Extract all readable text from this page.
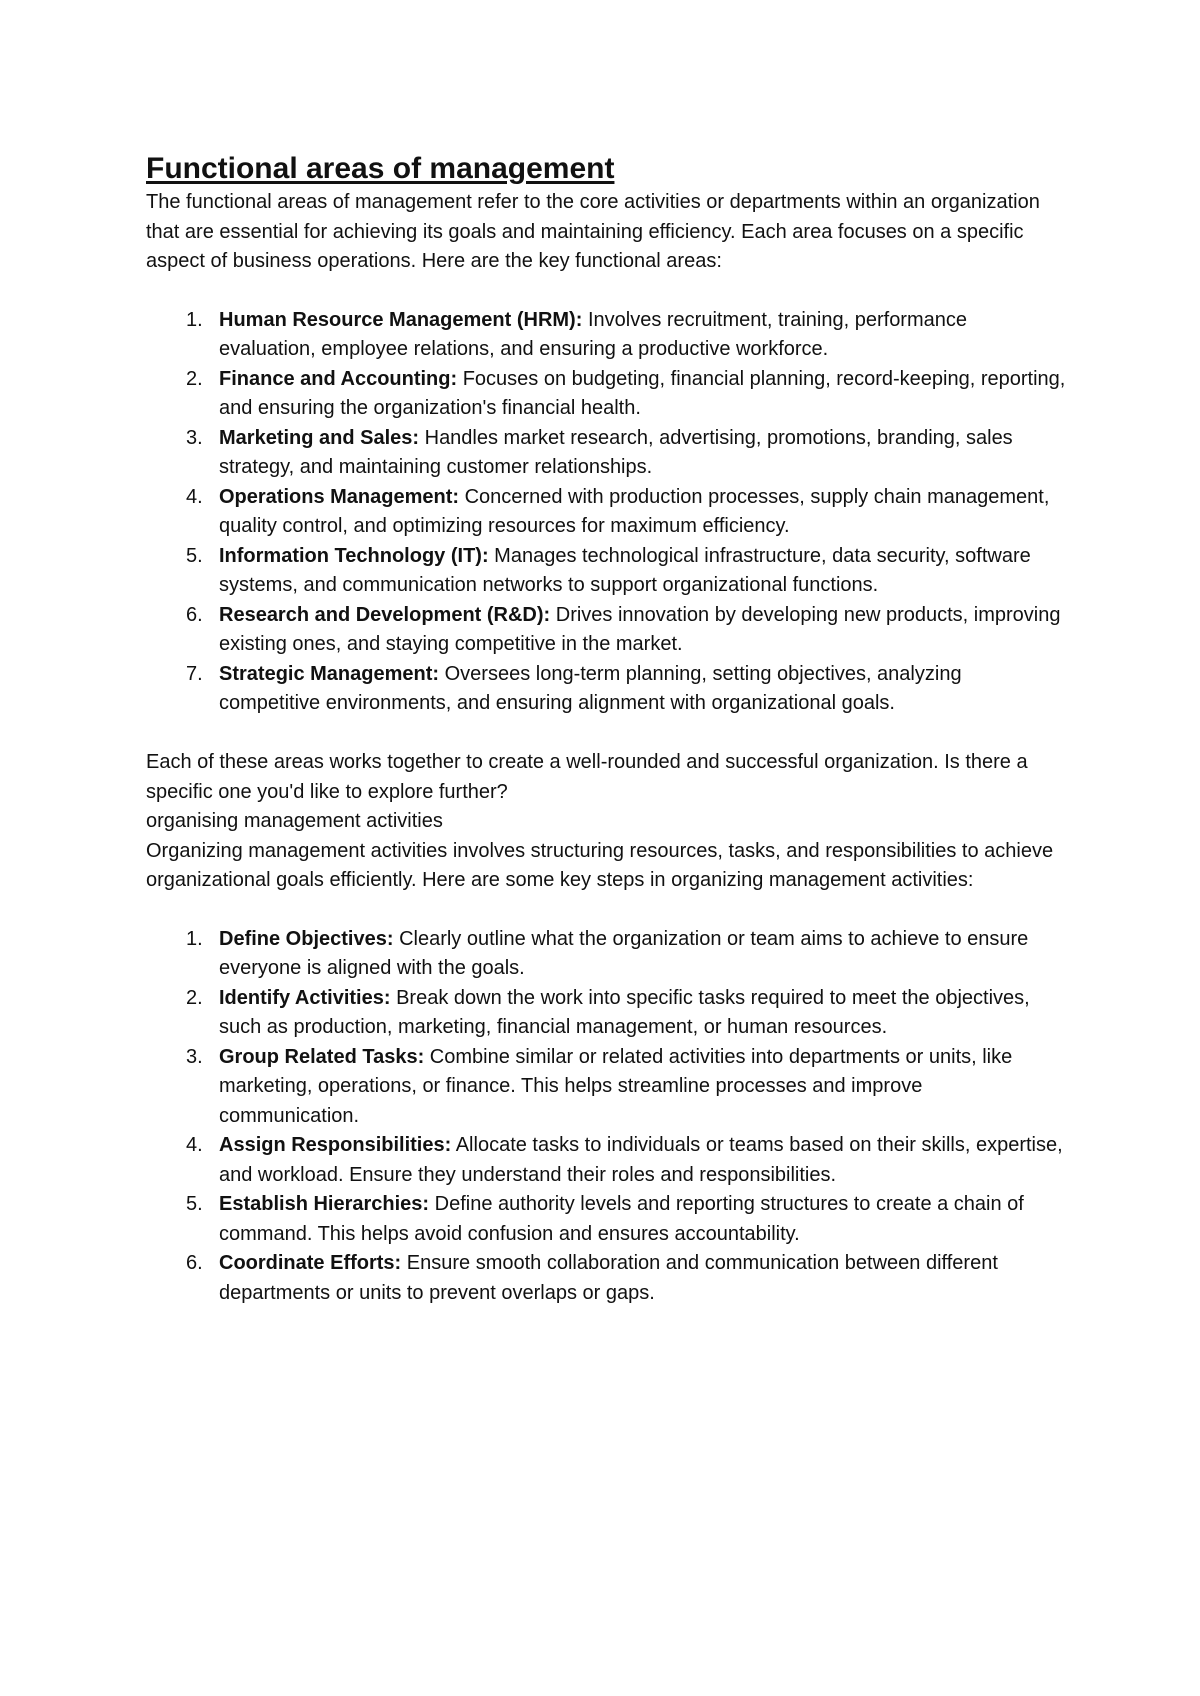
Functional areas of management

The functional areas of management refer to the core activities or departments within an organization that are essential for achieving its goals and maintaining efficiency. Each area focuses on a specific aspect of business operations. Here are the key functional areas:

1. Human Resource Management (HRM): Involves recruitment, training, performance evaluation, employee relations, and ensuring a productive workforce.
2. Finance and Accounting: Focuses on budgeting, financial planning, record-keeping, reporting, and ensuring the organization's financial health.
3. Marketing and Sales: Handles market research, advertising, promotions, branding, sales strategy, and maintaining customer relationships.
4. Operations Management: Concerned with production processes, supply chain management, quality control, and optimizing resources for maximum efficiency.
5. Information Technology (IT): Manages technological infrastructure, data security, software systems, and communication networks to support organizational functions.
6. Research and Development (R&D): Drives innovation by developing new products, improving existing ones, and staying competitive in the market.
7. Strategic Management: Oversees long-term planning, setting objectives, analyzing competitive environments, and ensuring alignment with organizational goals.

Each of these areas works together to create a well-rounded and successful organization. Is there a specific one you'd like to explore further?

organising management activities

Organizing management activities involves structuring resources, tasks, and responsibilities to achieve organizational goals efficiently. Here are some key steps in organizing management activities:

1. Define Objectives: Clearly outline what the organization or team aims to achieve to ensure everyone is aligned with the goals.
2. Identify Activities: Break down the work into specific tasks required to meet the objectives, such as production, marketing, financial management, or human resources.
3. Group Related Tasks: Combine similar or related activities into departments or units, like marketing, operations, or finance. This helps streamline processes and improve communication.
4. Assign Responsibilities: Allocate tasks to individuals or teams based on their skills, expertise, and workload. Ensure they understand their roles and responsibilities.
5. Establish Hierarchies: Define authority levels and reporting structures to create a chain of command. This helps avoid confusion and ensures accountability.
6. Coordinate Efforts: Ensure smooth collaboration and communication between different departments or units to prevent overlaps or gaps.
